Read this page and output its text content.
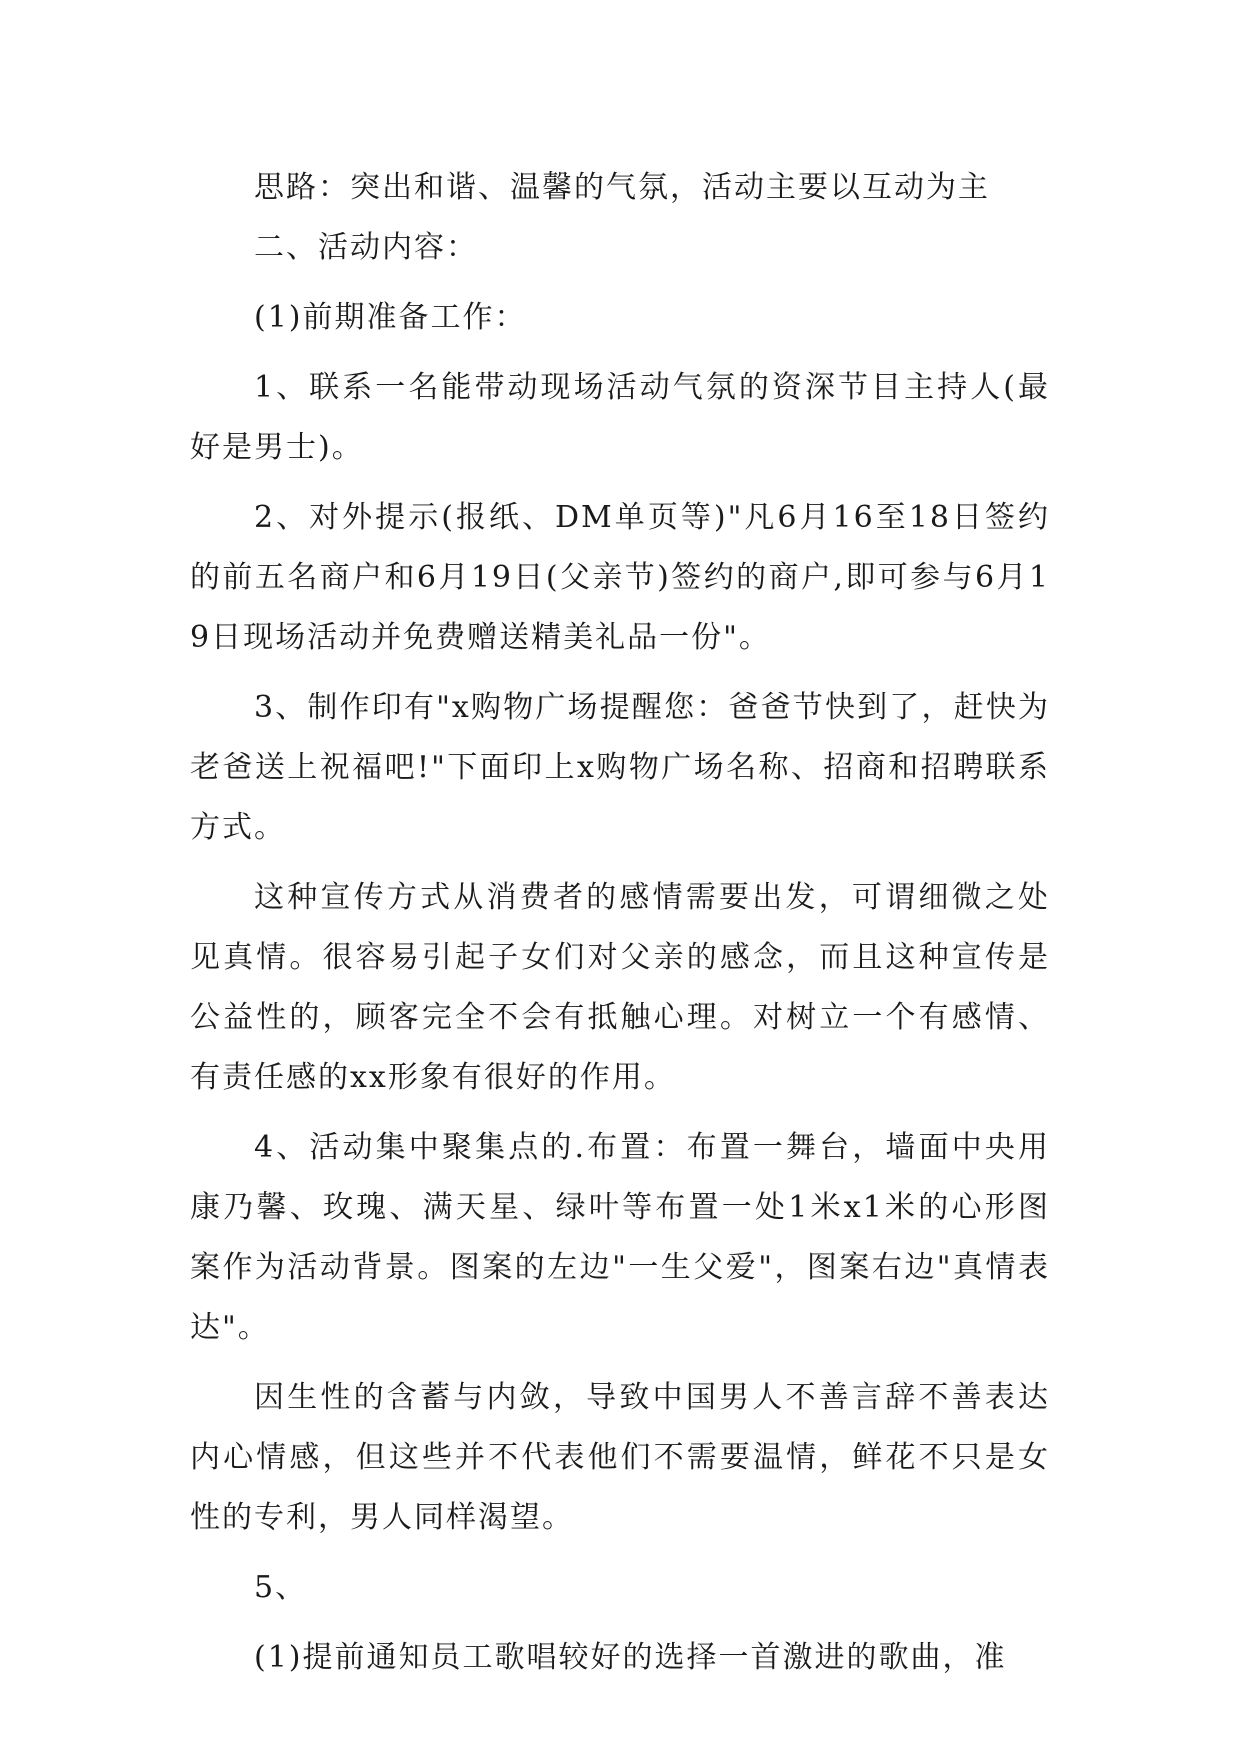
思路：突出和谐、温馨的气氛，活动主要以互动为主

二、活动内容：

(1)前期准备工作：

1、联系一名能带动现场活动气氛的资深节目主持人(最好是男士)。

2、对外提示(报纸、DM单页等)"凡6月16至18日签约的前五名商户和6月19日(父亲节)签约的商户,即可参与6月19日现场活动并免费赠送精美礼品一份"。

3、制作印有"x购物广场提醒您：爸爸节快到了，赶快为老爸送上祝福吧!"下面印上x购物广场名称、招商和招聘联系方式。

这种宣传方式从消费者的感情需要出发，可谓细微之处见真情。很容易引起子女们对父亲的感念，而且这种宣传是公益性的，顾客完全不会有抵触心理。对树立一个有感情、有责任感的xx形象有很好的作用。

4、活动集中聚集点的.布置：布置一舞台，墙面中央用康乃馨、玫瑰、满天星、绿叶等布置一处1米x1米的心形图案作为活动背景。图案的左边"一生父爱"，图案右边"真情表达"。

因生性的含蓄与内敛，导致中国男人不善言辞不善表达内心情感，但这些并不代表他们不需要温情，鲜花不只是女性的专利，男人同样渴望。

5、

(1)提前通知员工歌唱较好的选择一首激进的歌曲，准
